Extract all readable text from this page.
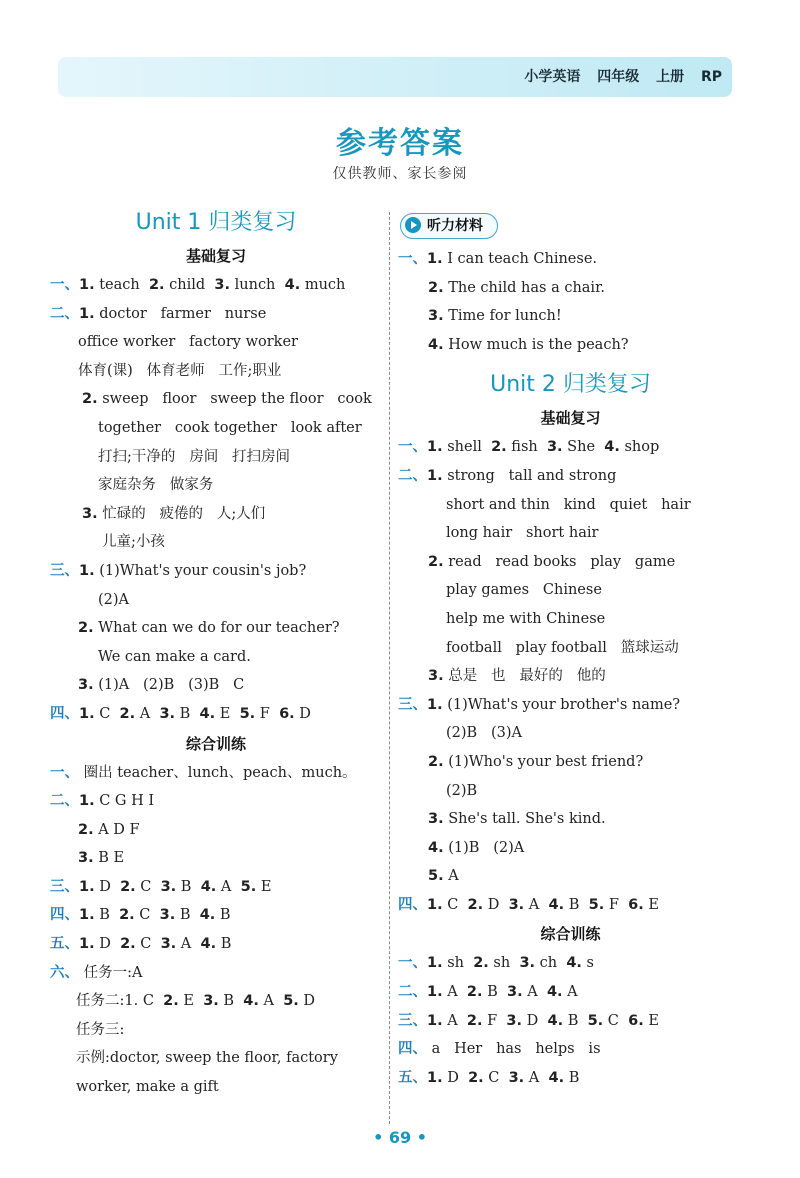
小学英语 四年级 上册 RP
参考答案
仅供教师、家长参阅
Unit 1 归类复习
基础复习
一、1. teach  2. child  3. lunch  4. much
二、1. doctor   farmer   nurse
office worker   factory worker
体育(课)   体育老师   工作;职业
2. sweep   floor   sweep the floor   cook
together   cook together   look after
打扫;干净的   房间   打扫房间
家庭杂务   做家务
3. 忙碌的   疲倦的   人;人们
儿童;小孩
三、1. (1)What's your cousin's job?
(2)A
2. What can we do for our teacher?
We can make a card.
3. (1)A   (2)B   (3)B   C
四、1. C  2. A  3. B  4. E  5. F  6. D
综合训练
一、 圈出 teacher、lunch、peach、much。
二、1. C G H I
2. A D F
3. B E
三、1. D  2. C  3. B  4. A  5. E
四、1. B  2. C  3. B  4. B
五、1. D  2. C  3. A  4. B
六、 任务一:A
任务二:1. C  2. E  3. B  4. A  5. D
任务三:
示例:doctor, sweep the floor, factory
worker, make a gift
听力材料
一、1. I can teach Chinese.
2. The child has a chair.
3. Time for lunch!
4. How much is the peach?
Unit 2 归类复习
基础复习
一、1. shell  2. fish  3. She  4. shop
二、1. strong   tall and strong
short and thin   kind   quiet   hair
long hair   short hair
2. read   read books   play   game
play games   Chinese
help me with Chinese
football   play football   篮球运动
3. 总是   也   最好的   他的
三、1. (1)What's your brother's name?
(2)B   (3)A
2. (1)Who's your best friend?
(2)B
3. She's tall. She's kind.
4. (1)B   (2)A
5. A
四、1. C  2. D  3. A  4. B  5. F  6. E
综合训练
一、1. sh  2. sh  3. ch  4. s
二、1. A  2. B  3. A  4. A
三、1. A  2. F  3. D  4. B  5. C  6. E
四、 a   Her   has   helps   is
五、1. D  2. C  3. A  4. B
• 69 •
